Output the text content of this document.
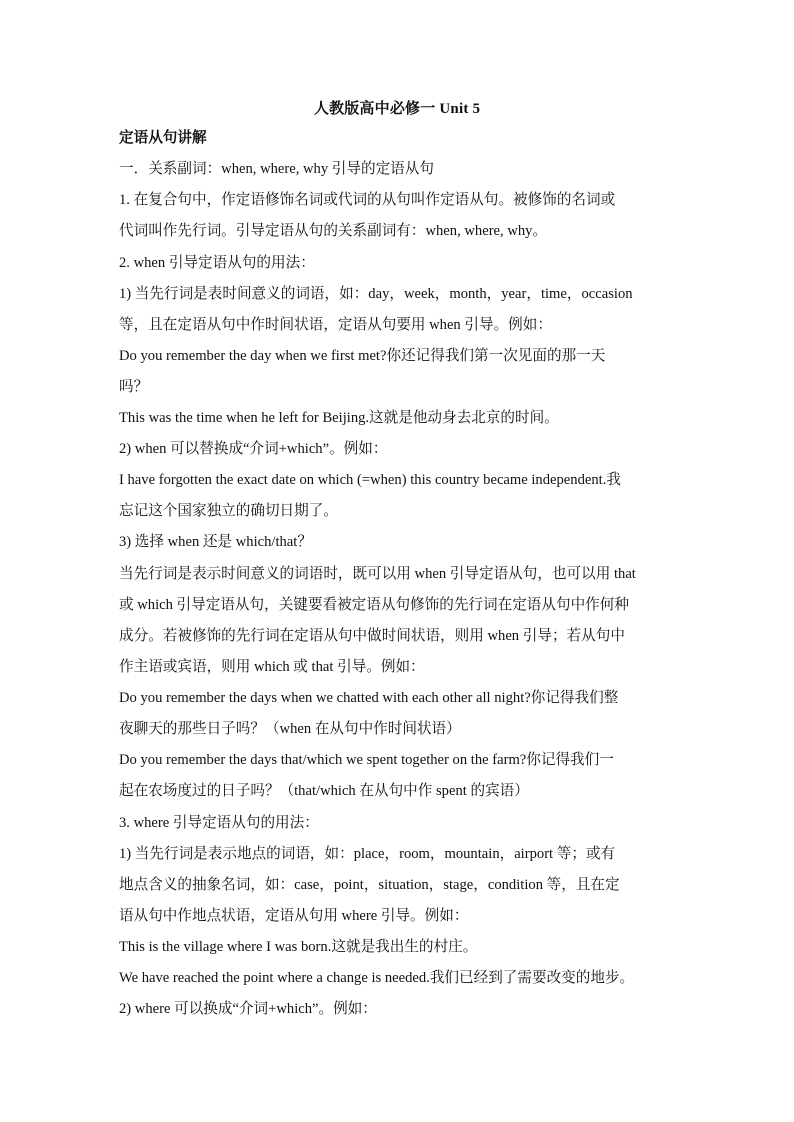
人教版高中必修一 Unit 5
定语从句讲解
一．关系副词：when, where, why 引导的定语从句
1. 在复合句中，作定语修饰名词或代词的从句叫作定语从句。被修饰的名词或
代词叫作先行词。引导定语从句的关系副词有：when, where, why。
2. when 引导定语从句的用法：
1) 当先行词是表时间意义的词语，如：day，week，month，year，time，occasion
等，且在定语从句中作时间状语，定语从句要用 when 引导。例如：
Do you remember the day when we first met?你还记得我们第一次见面的那一天
吗？
This was the time when he left for Beijing.这就是他动身去北京的时间。
2) when 可以替换成“介词+which”。例如：
I have forgotten the exact date on which (=when) this country became independent.我
忘记这个国家独立的确切日期了。
3) 选择 when 还是 which/that？
当先行词是表示时间意义的词语时，既可以用 when 引导定语从句，也可以用 that
或 which 引导定语从句，关键要看被定语从句修饰的先行词在定语从句中作何种
成分。若被修饰的先行词在定语从句中做时间状语，则用 when 引导；若从句中
作主语或宾语，则用 which 或 that 引导。例如：
Do you remember the days when we chatted with each other all night?你记得我们整
夜聊天的那些日子吗？（when 在从句中作时间状语）
Do you remember the days that/which we spent together on the farm?你记得我们一
起在农场度过的日子吗？（that/which 在从句中作 spent 的宾语）
3. where 引导定语从句的用法：
1) 当先行词是表示地点的词语，如：place，room，mountain，airport 等；或有
地点含义的抽象名词，如：case，point，situation，stage，condition 等，且在定
语从句中作地点状语，定语从句用 where 引导。例如：
This is the village where I was born.这就是我出生的村庄。
We have reached the point where a change is needed.我们已经到了需要改变的地步。
2) where 可以换成“介词+which”。例如：
